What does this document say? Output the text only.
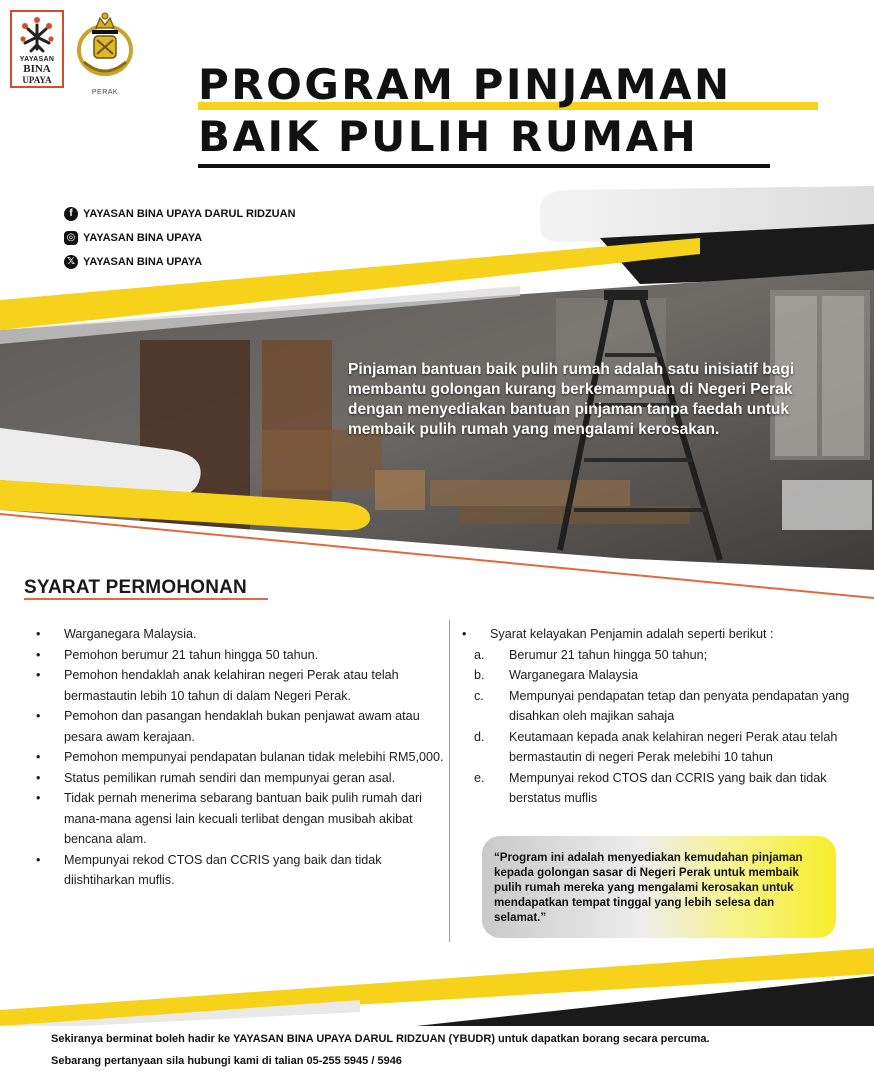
YAYASAN
BINA
UPAYA
PERAK	PROGRAM PINJAMAN
BAIK PULIH RUMAH
Pinjaman bantuan baik pulih rumah adalah satu inisiatif bagi membantu golongan kurang berkemampuan di Negeri Perak dengan menyediakan bantuan pinjaman tanpa faedah untuk membaik pulih rumah yang mengalami kerosakan.
f YAYASAN BINA UPAYA DARUL RIDZUAN
◎ YAYASAN BINA UPAYA
𝕏 YAYASAN BINA UPAYA
SYARAT PERMOHONAN
•	Warganegara Malaysia.
•	Pemohon berumur 21 tahun hingga 50 tahun.
•	Pemohon hendaklah anak kelahiran negeri Perak atau telah bermastautin lebih 10 tahun di dalam Negeri Perak.
•	Pemohon dan pasangan hendaklah bukan penjawat awam atau pesara awam kerajaan.
•	Pemohon mempunyai pendapatan bulanan tidak melebihi RM5,000.
•	Status pemilikan rumah sendiri dan mempunyai geran asal.
•	Tidak pernah menerima sebarang bantuan baik pulih rumah dari mana-mana agensi lain kecuali terlibat dengan musibah akibat bencana alam.
•	Mempunyai rekod CTOS dan CCRIS yang baik dan tidak diishtiharkan muflis.
•	Syarat kelayakan Penjamin adalah seperti berikut :
a.	Berumur 21 tahun hingga 50 tahun;
b.	Warganegara Malaysia
c.	Mempunyai pendapatan tetap dan penyata pendapatan yang disahkan oleh majikan sahaja
d.	Keutamaan kepada anak kelahiran negeri Perak atau telah bermastautin di negeri Perak melebihi 10 tahun
e.	Mempunyai rekod CTOS dan CCRIS yang baik dan tidak berstatus muflis
“Program ini adalah menyediakan kemudahan pinjaman kepada golongan sasar di Negeri Perak untuk membaik pulih rumah mereka yang mengalami kerosakan untuk mendapatkan tempat tinggal yang lebih selesa dan selamat.”
Sekiranya berminat boleh hadir ke YAYASAN BINA UPAYA DARUL RIDZUAN (YBUDR) untuk dapatkan borang secara percuma.
Sebarang pertanyaan sila hubungi kami di talian 05-255 5945 / 5946
